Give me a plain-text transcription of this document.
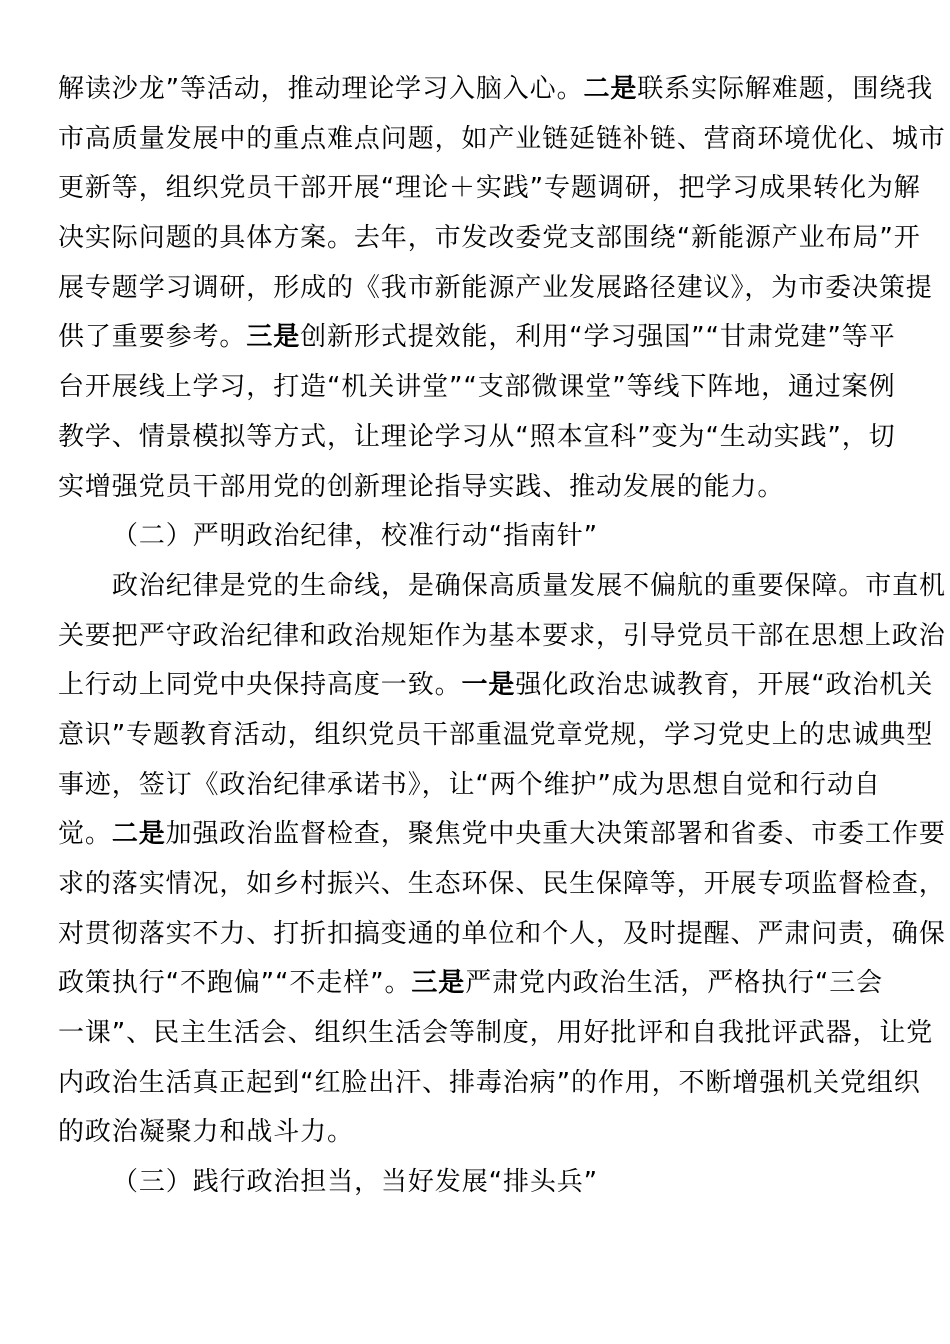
解读沙龙”等活动，推动理论学习入脑入心。二是联系实际解难题，围绕我
市高质量发展中的重点难点问题，如产业链延链补链、营商环境优化、城市
更新等，组织党员干部开展“理论＋实践”专题调研，把学习成果转化为解
决实际问题的具体方案。去年，市发改委党支部围绕“新能源产业布局”开
展专题学习调研，形成的《我市新能源产业发展路径建议》，为市委决策提
供了重要参考。三是创新形式提效能，利用“学习强国”“甘肃党建”等平
台开展线上学习，打造“机关讲堂”“支部微课堂”等线下阵地，通过案例
教学、情景模拟等方式，让理论学习从“照本宣科”变为“生动实践”，切
实增强党员干部用党的创新理论指导实践、推动发展的能力。
（二）严明政治纪律，校准行动“指南针”
政治纪律是党的生命线，是确保高质量发展不偏航的重要保障。市直机
关要把严守政治纪律和政治规矩作为基本要求，引导党员干部在思想上政治
上行动上同党中央保持高度一致。一是强化政治忠诚教育，开展“政治机关
意识”专题教育活动，组织党员干部重温党章党规，学习党史上的忠诚典型
事迹，签订《政治纪律承诺书》，让“两个维护”成为思想自觉和行动自
觉。二是加强政治监督检查，聚焦党中央重大决策部署和省委、市委工作要
求的落实情况，如乡村振兴、生态环保、民生保障等，开展专项监督检查，
对贯彻落实不力、打折扣搞变通的单位和个人，及时提醒、严肃问责，确保
政策执行“不跑偏”“不走样”。三是严肃党内政治生活，严格执行“三会
一课”、民主生活会、组织生活会等制度，用好批评和自我批评武器，让党
内政治生活真正起到“红脸出汗、排毒治病”的作用，不断增强机关党组织
的政治凝聚力和战斗力。
（三）践行政治担当，当好发展“排头兵”
